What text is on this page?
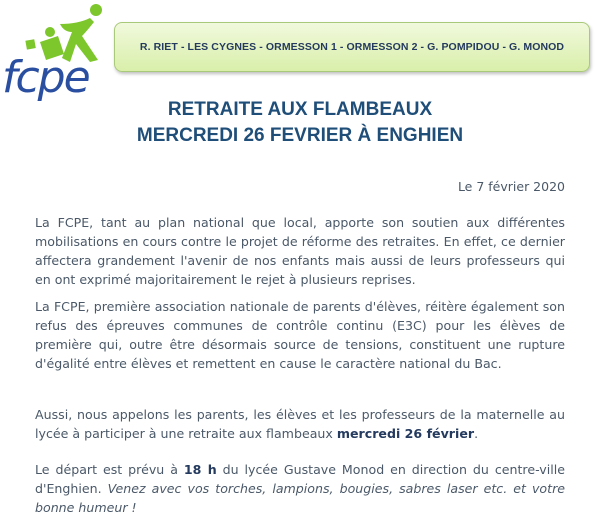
fcpe
R. RIET - LES CYGNES - ORMESSON 1 - ORMESSON 2 - G. POMPIDOU - G. MONOD
RETRAITE AUX FLAMBEAUX
MERCREDI 26 FEVRIER À ENGHIEN
Le 7 février 2020

La FCPE, tant au plan national que local, apporte son soutien aux différentes mobilisations en cours contre le projet de réforme des retraites. En effet, ce dernier affectera grandement l'avenir de nos enfants mais aussi de leurs professeurs qui en ont exprimé majoritairement le rejet à plusieurs reprises.

La FCPE, première association nationale de parents d'élèves, réitère également son refus des épreuves communes de contrôle continu (E3C) pour les élèves de première qui, outre être désormais source de tensions, constituent une rupture d'égalité entre élèves et remettent en cause le caractère national du Bac.

Aussi, nous appelons les parents, les élèves et les professeurs de la maternelle au lycée à participer à une retraite aux flambeaux mercredi 26 février.

Le départ est prévu à 18 h du lycée Gustave Monod en direction du centre-ville d'Enghien. Venez avec vos torches, lampions, bougies, sabres laser etc. et votre bonne humeur !
